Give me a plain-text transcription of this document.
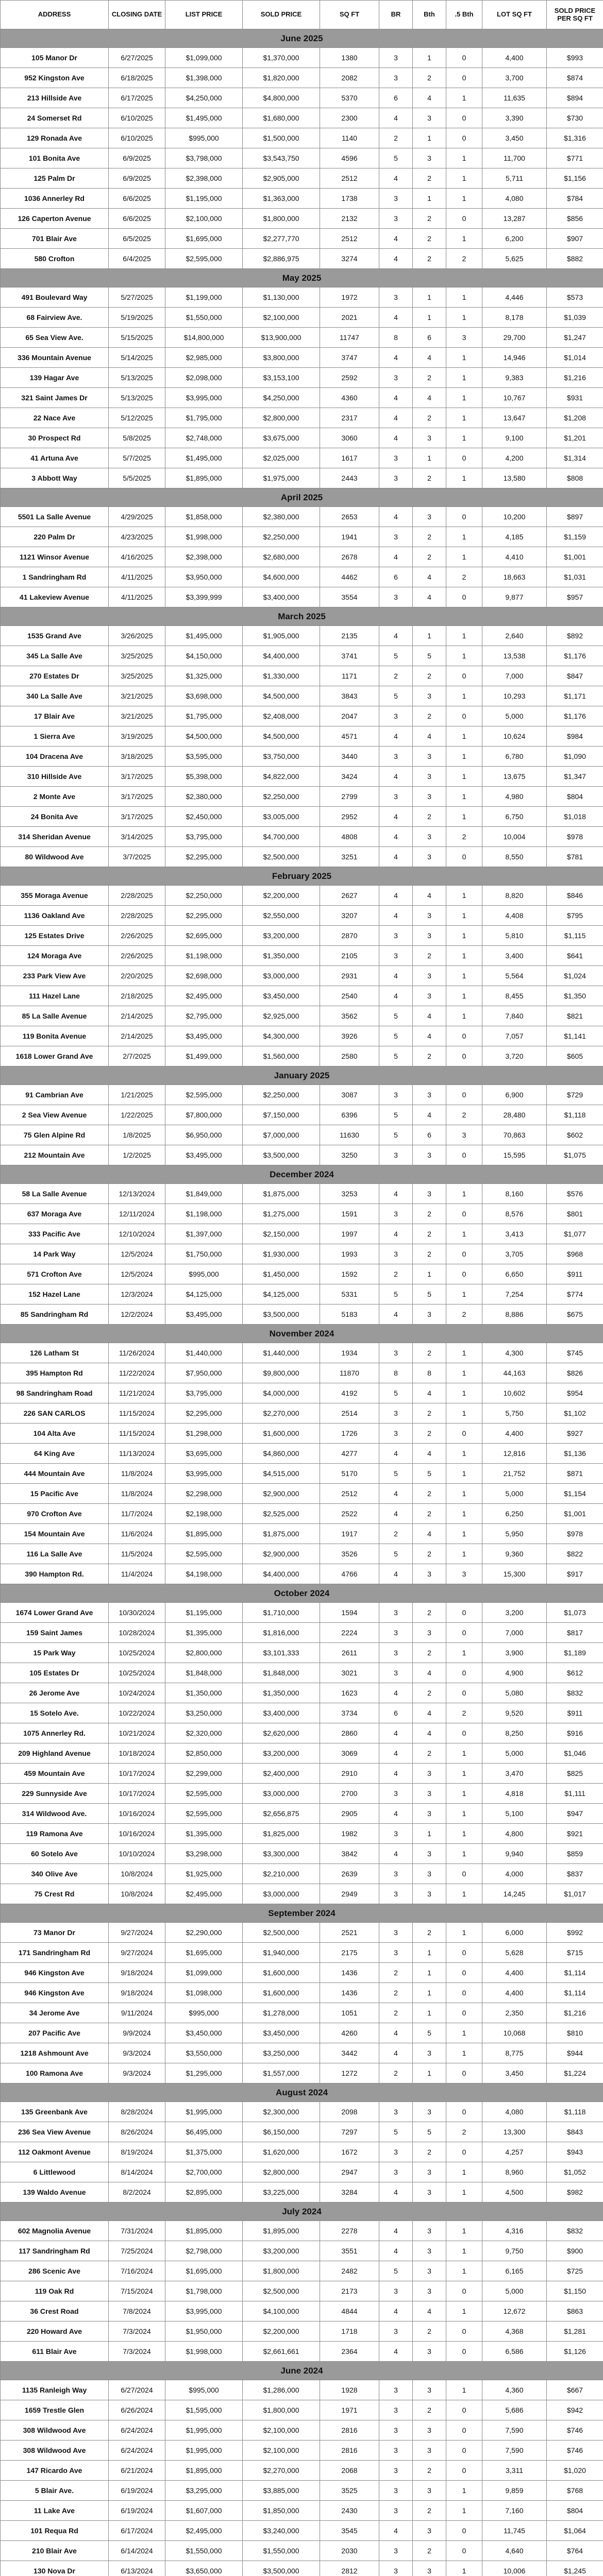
ADDRESS	CLOSING DATE	LIST PRICE	SOLD PRICE	SQ FT	BR	Bth	.5 Bth	LOT SQ FT	SOLD PRICE PER SQ FT
June 2025									
105 Manor Dr	6/27/2025	$1,099,000	$1,370,000	1380	3	1	0	4,400	$993
952 Kingston Ave	6/18/2025	$1,398,000	$1,820,000	2082	3	2	0	3,700	$874
213 Hillside Ave	6/17/2025	$4,250,000	$4,800,000	5370	6	4	1	11,635	$894
24 Somerset Rd	6/10/2025	$1,495,000	$1,680,000	2300	4	3	0	3,390	$730
129 Ronada Ave	6/10/2025	$995,000	$1,500,000	1140	2	1	0	3,450	$1,316
101 Bonita Ave	6/9/2025	$3,798,000	$3,543,750	4596	5	3	1	11,700	$771
125 Palm Dr	6/9/2025	$2,398,000	$2,905,000	2512	4	2	1	5,711	$1,156
1036 Annerley Rd	6/6/2025	$1,195,000	$1,363,000	1738	3	1	1	4,080	$784
126 Caperton Avenue	6/6/2025	$2,100,000	$1,800,000	2132	3	2	0	13,287	$856
701 Blair Ave	6/5/2025	$1,695,000	$2,277,770	2512	4	2	1	6,200	$907
580 Crofton	6/4/2025	$2,595,000	$2,886,975	3274	4	2	2	5,625	$882
May 2025									
491 Boulevard Way	5/27/2025	$1,199,000	$1,130,000	1972	3	1	1	4,446	$573
68 Fairview Ave.	5/19/2025	$1,550,000	$2,100,000	2021	4	1	1	8,178	$1,039
65 Sea View Ave.	5/15/2025	$14,800,000	$13,900,000	11747	8	6	3	29,700	$1,247
336 Mountain Avenue	5/14/2025	$2,985,000	$3,800,000	3747	4	4	1	14,946	$1,014
139 Hagar Ave	5/13/2025	$2,098,000	$3,153,100	2592	3	2	1	9,383	$1,216
321 Saint James Dr	5/13/2025	$3,995,000	$4,250,000	4360	4	4	1	10,767	$931
22 Nace Ave	5/12/2025	$1,795,000	$2,800,000	2317	4	2	1	13,647	$1,208
30 Prospect Rd	5/8/2025	$2,748,000	$3,675,000	3060	4	3	1	9,100	$1,201
41 Artuna Ave	5/7/2025	$1,495,000	$2,025,000	1617	3	1	0	4,200	$1,314
3 Abbott Way	5/5/2025	$1,895,000	$1,975,000	2443	3	2	1	13,580	$808
April 2025									
5501 La Salle Avenue	4/29/2025	$1,858,000	$2,380,000	2653	4	3	0	10,200	$897
220 Palm Dr	4/23/2025	$1,998,000	$2,250,000	1941	3	2	1	4,185	$1,159
1121 Winsor Avenue	4/16/2025	$2,398,000	$2,680,000	2678	4	2	1	4,410	$1,001
1 Sandringham Rd	4/11/2025	$3,950,000	$4,600,000	4462	6	4	2	18,663	$1,031
41 Lakeview Avenue	4/11/2025	$3,399,999	$3,400,000	3554	3	4	0	9,877	$957
March 2025									
1535 Grand Ave	3/26/2025	$1,495,000	$1,905,000	2135	4	1	1	2,640	$892
345 La Salle Ave	3/25/2025	$4,150,000	$4,400,000	3741	5	5	1	13,538	$1,176
270 Estates Dr	3/25/2025	$1,325,000	$1,330,000	1171	2	2	0	7,000	$847
340 La Salle Ave	3/21/2025	$3,698,000	$4,500,000	3843	5	3	1	10,293	$1,171
17 Blair Ave	3/21/2025	$1,795,000	$2,408,000	2047	3	2	0	5,000	$1,176
1 Sierra Ave	3/19/2025	$4,500,000	$4,500,000	4571	4	4	1	10,624	$984
104 Dracena Ave	3/18/2025	$3,595,000	$3,750,000	3440	3	3	1	6,780	$1,090
310 Hillside Ave	3/17/2025	$5,398,000	$4,822,000	3424	4	3	1	13,675	$1,347
2 Monte Ave	3/17/2025	$2,380,000	$2,250,000	2799	3	3	1	4,980	$804
24 Bonita Ave	3/17/2025	$2,450,000	$3,005,000	2952	4	2	1	6,750	$1,018
314 Sheridan Avenue	3/14/2025	$3,795,000	$4,700,000	4808	4	3	2	10,004	$978
80 Wildwood Ave	3/7/2025	$2,295,000	$2,500,000	3251	4	3	0	8,550	$781
February 2025									
355 Moraga Avenue	2/28/2025	$2,250,000	$2,200,000	2627	4	4	1	8,820	$846
1136 Oakland Ave	2/28/2025	$2,295,000	$2,550,000	3207	4	3	1	4,408	$795
125 Estates Drive	2/26/2025	$2,695,000	$3,200,000	2870	3	3	1	5,810	$1,115
124 Moraga Ave	2/26/2025	$1,198,000	$1,350,000	2105	3	2	1	3,400	$641
233 Park View Ave	2/20/2025	$2,698,000	$3,000,000	2931	4	3	1	5,564	$1,024
111 Hazel Lane	2/18/2025	$2,495,000	$3,450,000	2540	4	3	1	8,455	$1,350
85 La Salle Avenue	2/14/2025	$2,795,000	$2,925,000	3562	5	4	1	7,840	$821
119 Bonita Avenue	2/14/2025	$3,495,000	$4,300,000	3926	5	4	0	7,057	$1,141
1618 Lower Grand Ave	2/7/2025	$1,499,000	$1,560,000	2580	5	2	0	3,720	$605
January 2025									
91 Cambrian Ave	1/21/2025	$2,595,000	$2,250,000	3087	3	3	0	6,900	$729
2 Sea View Avenue	1/22/2025	$7,800,000	$7,150,000	6396	5	4	2	28,480	$1,118
75 Glen Alpine Rd	1/8/2025	$6,950,000	$7,000,000	11630	5	6	3	70,863	$602
212 Mountain Ave	1/2/2025	$3,495,000	$3,500,000	3250	3	3	0	15,595	$1,075
December 2024									
58 La Salle Avenue	12/13/2024	$1,849,000	$1,875,000	3253	4	3	1	8,160	$576
637 Moraga Ave	12/11/2024	$1,198,000	$1,275,000	1591	3	2	0	8,576	$801
333 Pacific Ave	12/10/2024	$1,397,000	$2,150,000	1997	4	2	1	3,413	$1,077
14 Park Way	12/5/2024	$1,750,000	$1,930,000	1993	3	2	0	3,705	$968
571 Crofton Ave	12/5/2024	$995,000	$1,450,000	1592	2	1	0	6,650	$911
152 Hazel Lane	12/3/2024	$4,125,000	$4,125,000	5331	5	5	1	7,254	$774
85 Sandringham Rd	12/2/2024	$3,495,000	$3,500,000	5183	4	3	2	8,886	$675
November 2024									
126 Latham St	11/26/2024	$1,440,000	$1,440,000	1934	3	2	1	4,300	$745
395 Hampton Rd	11/22/2024	$7,950,000	$9,800,000	11870	8	8	1	44,163	$826
98 Sandringham Road	11/21/2024	$3,795,000	$4,000,000	4192	5	4	1	10,602	$954
226 SAN CARLOS	11/15/2024	$2,295,000	$2,270,000	2514	3	2	1	5,750	$1,102
104 Alta Ave	11/15/2024	$1,298,000	$1,600,000	1726	3	2	0	4,400	$927
64 King Ave	11/13/2024	$3,695,000	$4,860,000	4277	4	4	1	12,816	$1,136
444 Mountain Ave	11/8/2024	$3,995,000	$4,515,000	5170	5	5	1	21,752	$871
15 Pacific Ave	11/8/2024	$2,298,000	$2,900,000	2512	4	2	1	5,000	$1,154
970 Crofton Ave	11/7/2024	$2,198,000	$2,525,000	2522	4	2	1	6,250	$1,001
154 Mountain Ave	11/6/2024	$1,895,000	$1,875,000	1917	2	4	1	5,950	$978
116 La Salle Ave	11/5/2024	$2,595,000	$2,900,000	3526	5	2	1	9,360	$822
390 Hampton Rd.	11/4/2024	$4,198,000	$4,400,000	4766	4	3	3	15,300	$917
October 2024									
1674 Lower Grand Ave	10/30/2024	$1,195,000	$1,710,000	1594	3	2	0	3,200	$1,073
159 Saint James	10/28/2024	$1,395,000	$1,816,000	2224	3	3	0	7,000	$817
15 Park Way	10/25/2024	$2,800,000	$3,101,333	2611	3	2	1	3,900	$1,189
105 Estates Dr	10/25/2024	$1,848,000	$1,848,000	3021	3	4	0	4,900	$612
26 Jerome Ave	10/24/2024	$1,350,000	$1,350,000	1623	4	2	0	5,080	$832
15 Sotelo Ave.	10/22/2024	$3,250,000	$3,400,000	3734	6	4	2	9,520	$911
1075 Annerley Rd.	10/21/2024	$2,320,000	$2,620,000	2860	4	4	0	8,250	$916
209 Highland Avenue	10/18/2024	$2,850,000	$3,200,000	3069	4	2	1	5,000	$1,046
459 Mountain Ave	10/17/2024	$2,299,000	$2,400,000	2910	4	3	1	3,470	$825
229 Sunnyside Ave	10/17/2024	$2,595,000	$3,000,000	2700	3	3	1	4,818	$1,111
314 Wildwood Ave.	10/16/2024	$2,595,000	$2,656,875	2905	4	3	1	5,100	$947
119 Ramona Ave	10/16/2024	$1,395,000	$1,825,000	1982	3	1	1	4,800	$921
60 Sotelo Ave	10/10/2024	$3,298,000	$3,300,000	3842	4	3	1	9,940	$859
340 Olive Ave	10/8/2024	$1,925,000	$2,210,000	2639	3	3	0	4,000	$837
75 Crest Rd	10/8/2024	$2,495,000	$3,000,000	2949	3	3	1	14,245	$1,017
September 2024									
73 Manor Dr	9/27/2024	$2,290,000	$2,500,000	2521	3	2	1	6,000	$992
171 Sandringham Rd	9/27/2024	$1,695,000	$1,940,000	2175	3	1	0	5,628	$715
946 Kingston Ave	9/18/2024	$1,099,000	$1,600,000	1436	2	1	0	4,400	$1,114
946 Kingston Ave	9/18/2024	$1,098,000	$1,600,000	1436	2	1	0	4,400	$1,114
34 Jerome Ave	9/11/2024	$995,000	$1,278,000	1051	2	1	0	2,350	$1,216
207 Pacific Ave	9/9/2024	$3,450,000	$3,450,000	4260	4	5	1	10,068	$810
1218 Ashmount Ave	9/3/2024	$3,550,000	$3,250,000	3442	4	3	1	8,775	$944
100 Ramona Ave	9/3/2024	$1,295,000	$1,557,000	1272	2	1	0	3,450	$1,224
August 2024									
135 Greenbank Ave	8/28/2024	$1,995,000	$2,300,000	2098	3	3	0	4,080	$1,118
236 Sea View Avenue	8/26/2024	$6,495,000	$6,150,000	7297	5	5	2	13,300	$843
112 Oakmont Avenue	8/19/2024	$1,375,000	$1,620,000	1672	3	2	0	4,257	$943
6 Littlewood	8/14/2024	$2,700,000	$2,800,000	2947	3	3	1	8,960	$1,052
139 Waldo Avenue	8/2/2024	$2,895,000	$3,225,000	3284	4	3	1	4,500	$982
July 2024									
602 Magnolia Avenue	7/31/2024	$1,895,000	$1,895,000	2278	4	3	1	4,316	$832
117 Sandringham Rd	7/25/2024	$2,798,000	$3,200,000	3551	4	3	1	9,750	$900
286 Scenic Ave	7/16/2024	$1,695,000	$1,800,000	2482	5	3	1	6,165	$725
119 Oak Rd	7/15/2024	$1,798,000	$2,500,000	2173	3	3	0	5,000	$1,150
36 Crest Road	7/8/2024	$3,995,000	$4,100,000	4844	4	4	1	12,672	$863
220 Howard Ave	7/3/2024	$1,950,000	$2,200,000	1718	3	2	0	4,368	$1,281
611 Blair Ave	7/3/2024	$1,998,000	$2,661,661	2364	4	3	0	6,586	$1,126
June 2024									
1135 Ranleigh Way	6/27/2024	$995,000	$1,286,000	1928	3	3	1	4,360	$667
1659 Trestle Glen	6/26/2024	$1,595,000	$1,800,000	1971	3	2	0	5,686	$942
308 Wildwood Ave	6/24/2024	$1,995,000	$2,100,000	2816	3	3	0	7,590	$746
308 Wildwood Ave	6/24/2024	$1,995,000	$2,100,000	2816	3	3	0	7,590	$746
147 Ricardo Ave	6/21/2024	$1,895,000	$2,270,000	2068	3	2	0	3,311	$1,020
5 Blair Ave.	6/19/2024	$3,295,000	$3,885,000	3525	3	3	1	9,859	$768
11 Lake Ave	6/19/2024	$1,607,000	$1,850,000	2430	3	2	1	7,160	$804
101 Requa Rd	6/17/2024	$2,495,000	$3,240,000	3545	4	3	0	11,745	$1,064
210 Blair Ave	6/14/2024	$1,550,000	$1,550,000	2030	3	2	0	4,640	$764
130 Nova Dr	6/13/2024	$3,650,000	$3,500,000	2812	3	3	1	10,006	$1,245
